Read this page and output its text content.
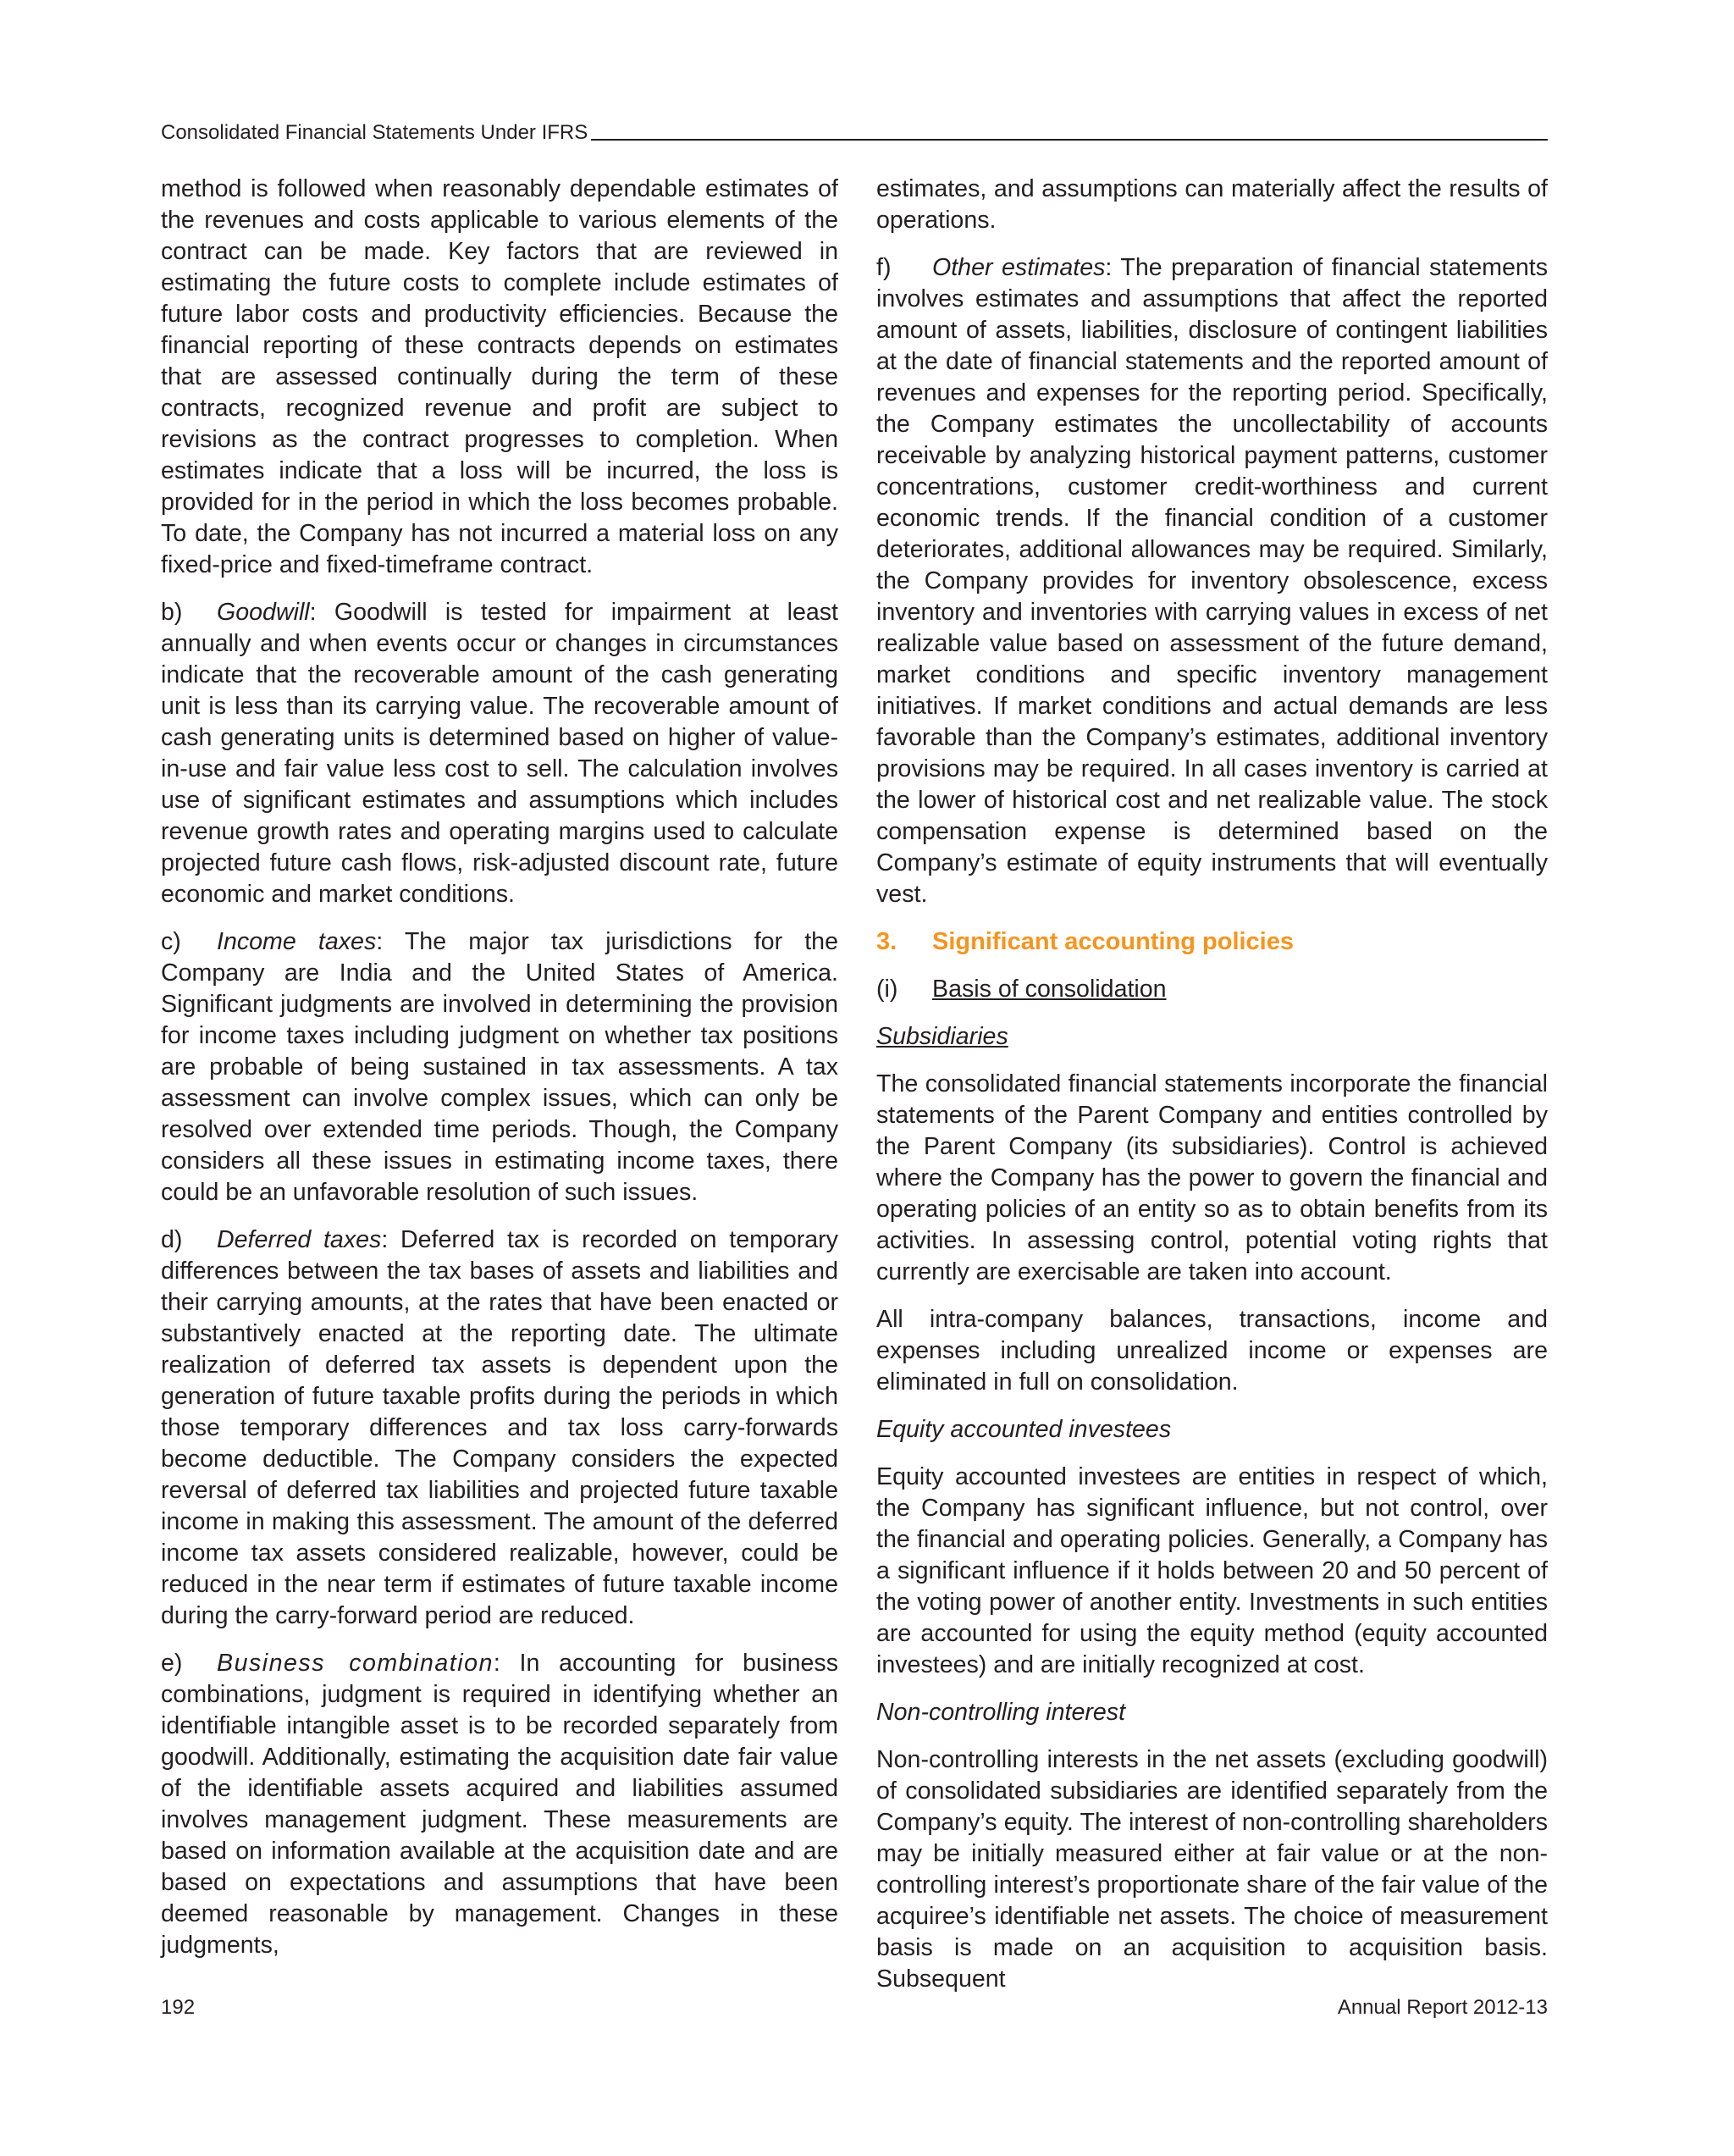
Consolidated Financial Statements Under IFRS

method is followed when reasonably dependable estimates of the revenues and costs applicable to various elements of the contract can be made. Key factors that are reviewed in estimating the future costs to complete include estimates of future labor costs and productivity efficiencies. Because the financial reporting of these contracts depends on estimates that are assessed continually during the term of these contracts, recognized revenue and profit are subject to revisions as the contract progresses to completion. When estimates indicate that a loss will be incurred, the loss is provided for in the period in which the loss becomes probable. To date, the Company has not incurred a material loss on any fixed-price and fixed-timeframe contract.

b) Goodwill: Goodwill is tested for impairment at least annually and when events occur or changes in circumstances indicate that the recoverable amount of the cash generating unit is less than its carrying value. The recoverable amount of cash generating units is determined based on higher of value-in-use and fair value less cost to sell. The calculation involves use of significant estimates and assumptions which includes revenue growth rates and operating margins used to calculate projected future cash flows, risk-adjusted discount rate, future economic and market conditions.

c) Income taxes: The major tax jurisdictions for the Company are India and the United States of America. Significant judgments are involved in determining the provision for income taxes including judgment on whether tax positions are probable of being sustained in tax assessments. A tax assessment can involve complex issues, which can only be resolved over extended time periods. Though, the Company considers all these issues in estimating income taxes, there could be an unfavorable resolution of such issues.

d) Deferred taxes: Deferred tax is recorded on temporary differences between the tax bases of assets and liabilities and their carrying amounts, at the rates that have been enacted or substantively enacted at the reporting date. The ultimate realization of deferred tax assets is dependent upon the generation of future taxable profits during the periods in which those temporary differences and tax loss carry-forwards become deductible. The Company considers the expected reversal of deferred tax liabilities and projected future taxable income in making this assessment. The amount of the deferred income tax assets considered realizable, however, could be reduced in the near term if estimates of future taxable income during the carry-forward period are reduced.

e) Business combination: In accounting for business combinations, judgment is required in identifying whether an identifiable intangible asset is to be recorded separately from goodwill. Additionally, estimating the acquisition date fair value of the identifiable assets acquired and liabilities assumed involves management judgment. These measurements are based on information available at the acquisition date and are based on expectations and assumptions that have been deemed reasonable by management. Changes in these judgments,

estimates, and assumptions can materially affect the results of operations.

f) Other estimates: The preparation of financial statements involves estimates and assumptions that affect the reported amount of assets, liabilities, disclosure of contingent liabilities at the date of financial statements and the reported amount of revenues and expenses for the reporting period. Specifically, the Company estimates the uncollectability of accounts receivable by analyzing historical payment patterns, customer concentrations, customer credit-worthiness and current economic trends. If the financial condition of a customer deteriorates, additional allowances may be required. Similarly, the Company provides for inventory obsolescence, excess inventory and inventories with carrying values in excess of net realizable value based on assessment of the future demand, market conditions and specific inventory management initiatives. If market conditions and actual demands are less favorable than the Company’s estimates, additional inventory provisions may be required. In all cases inventory is carried at the lower of historical cost and net realizable value. The stock compensation expense is determined based on the Company’s estimate of equity instruments that will eventually vest.

3. Significant accounting policies
(i) Basis of consolidation
Subsidiaries

The consolidated financial statements incorporate the financial statements of the Parent Company and entities controlled by the Parent Company (its subsidiaries). Control is achieved where the Company has the power to govern the financial and operating policies of an entity so as to obtain benefits from its activities. In assessing control, potential voting rights that currently are exercisable are taken into account.

All intra-company balances, transactions, income and expenses including unrealized income or expenses are eliminated in full on consolidation.

Equity accounted investees

Equity accounted investees are entities in respect of which, the Company has significant influence, but not control, over the financial and operating policies. Generally, a Company has a significant influence if it holds between 20 and 50 percent of the voting power of another entity. Investments in such entities are accounted for using the equity method (equity accounted investees) and are initially recognized at cost.

Non-controlling interest

Non-controlling interests in the net assets (excluding goodwill) of consolidated subsidiaries are identified separately from the Company’s equity. The interest of non-controlling shareholders may be initially measured either at fair value or at the non-controlling interest’s proportionate share of the fair value of the acquiree’s identifiable net assets. The choice of measurement basis is made on an acquisition to acquisition basis. Subsequent

192	Annual Report 2012-13
